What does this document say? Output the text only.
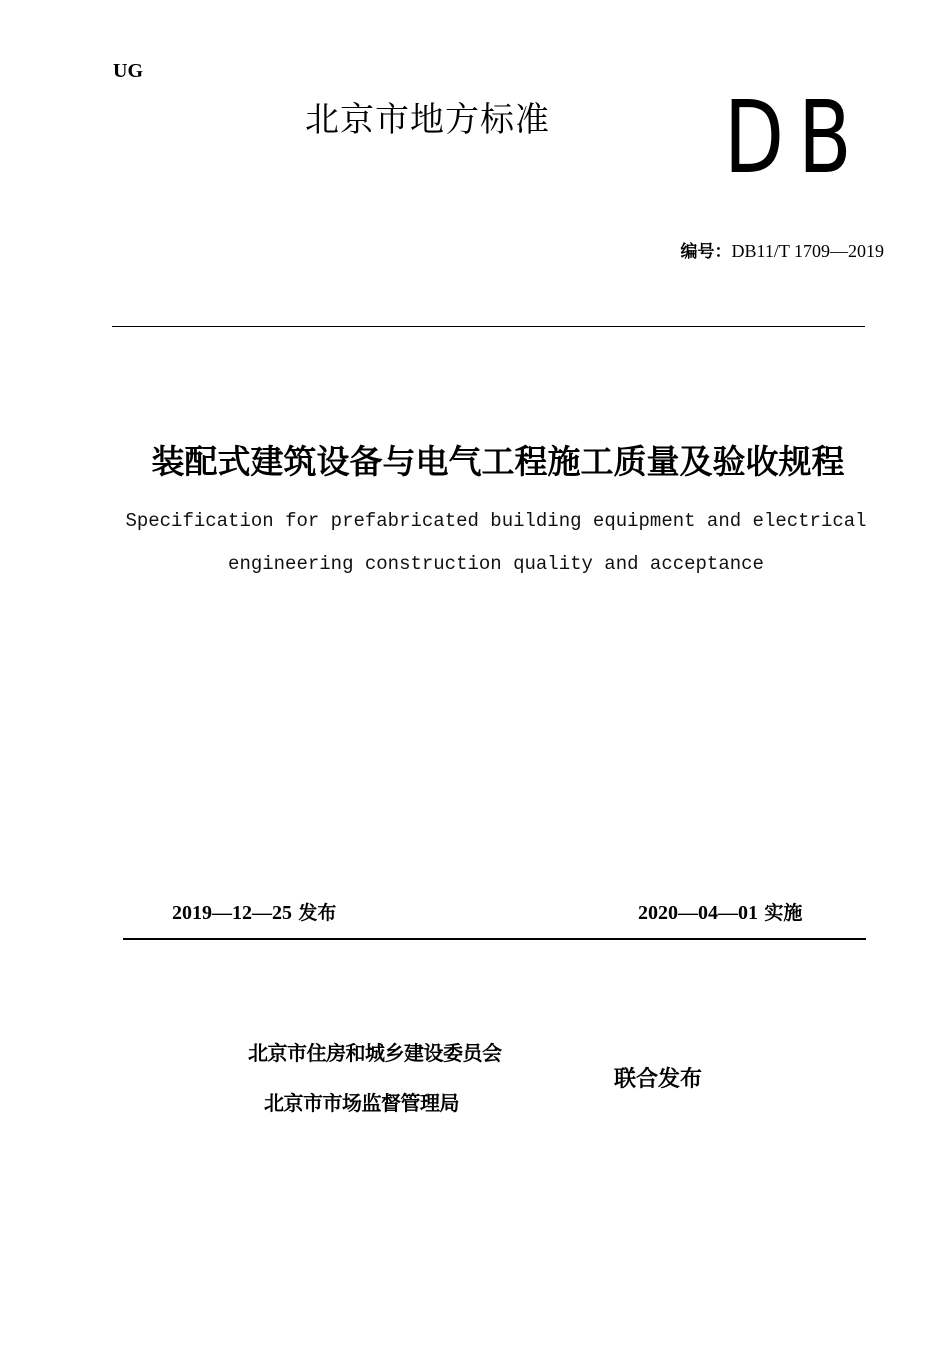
UG
北京市地方标准 DB
编号：DB11/T 1709—2019
装配式建筑设备与电气工程施工质量及验收规程
Specification for prefabricated building equipment and electrical
engineering construction quality and acceptance
2019—12—25 发布	2020—04—01 实施
北京市住房和城乡建设委员会
北京市市场监督管理局
联合发布
